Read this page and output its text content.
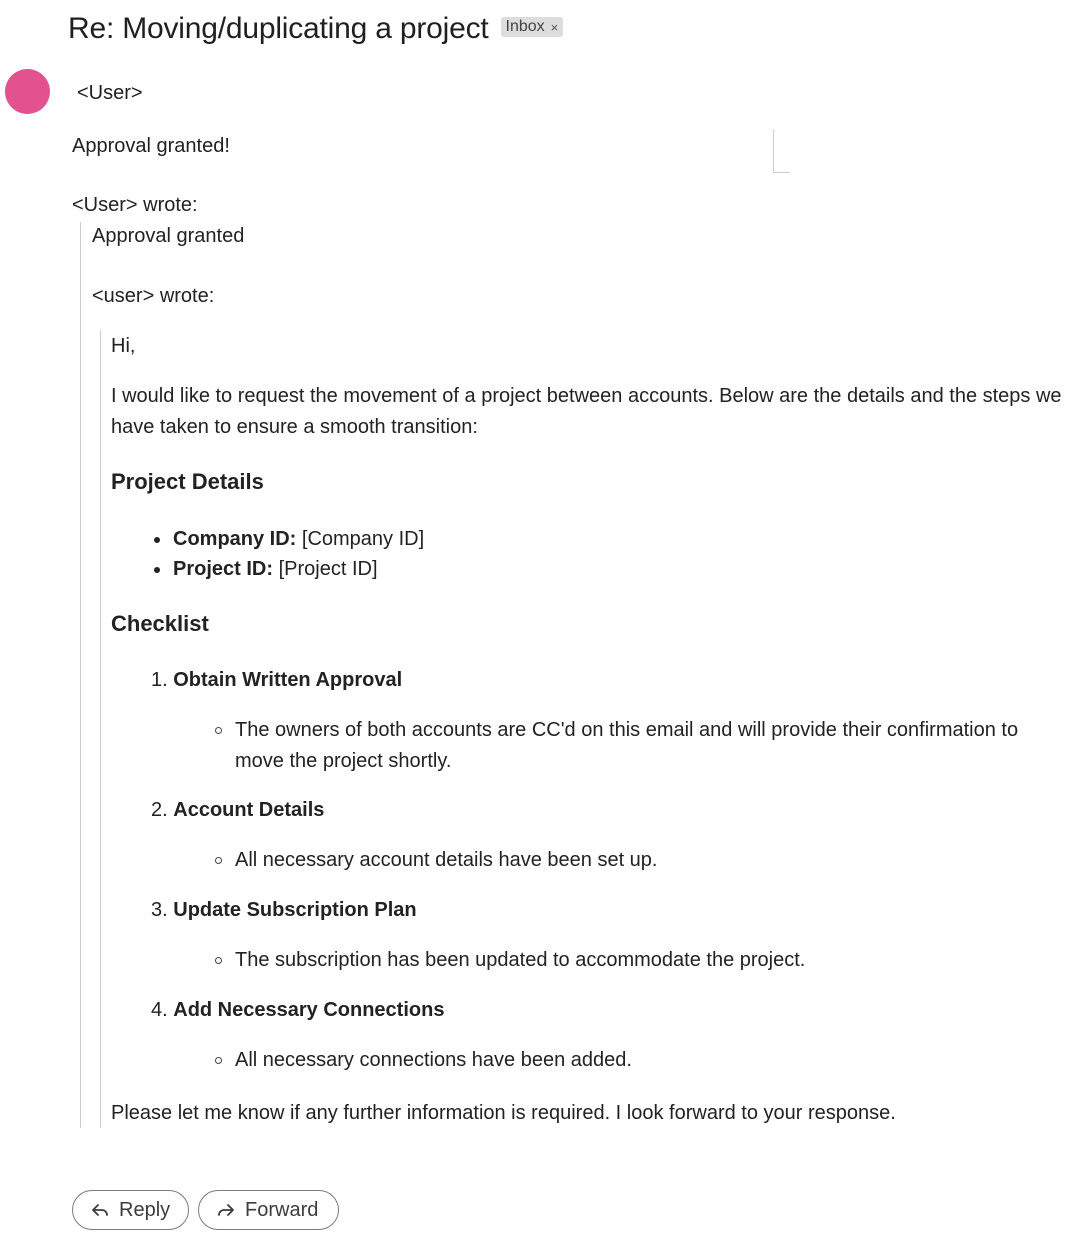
Re: Moving/duplicating a project Inbox ×
<User>
Approval granted!
<User> wrote:
Approval granted
<user> wrote:
Hi,
I would like to request the movement of a project between accounts. Below are the details and the steps we
have taken to ensure a smooth transition:
Project Details
Company ID: [Company ID]
Project ID: [Project ID]
Checklist
1. Obtain Written Approval
The owners of both accounts are CC'd on this email and will provide their confirmation to
move the project shortly.
2. Account Details
All necessary account details have been set up.
3. Update Subscription Plan
The subscription has been updated to accommodate the project.
4. Add Necessary Connections
All necessary connections have been added.
Please let me know if any further information is required. I look forward to your response.
Reply	Forward
